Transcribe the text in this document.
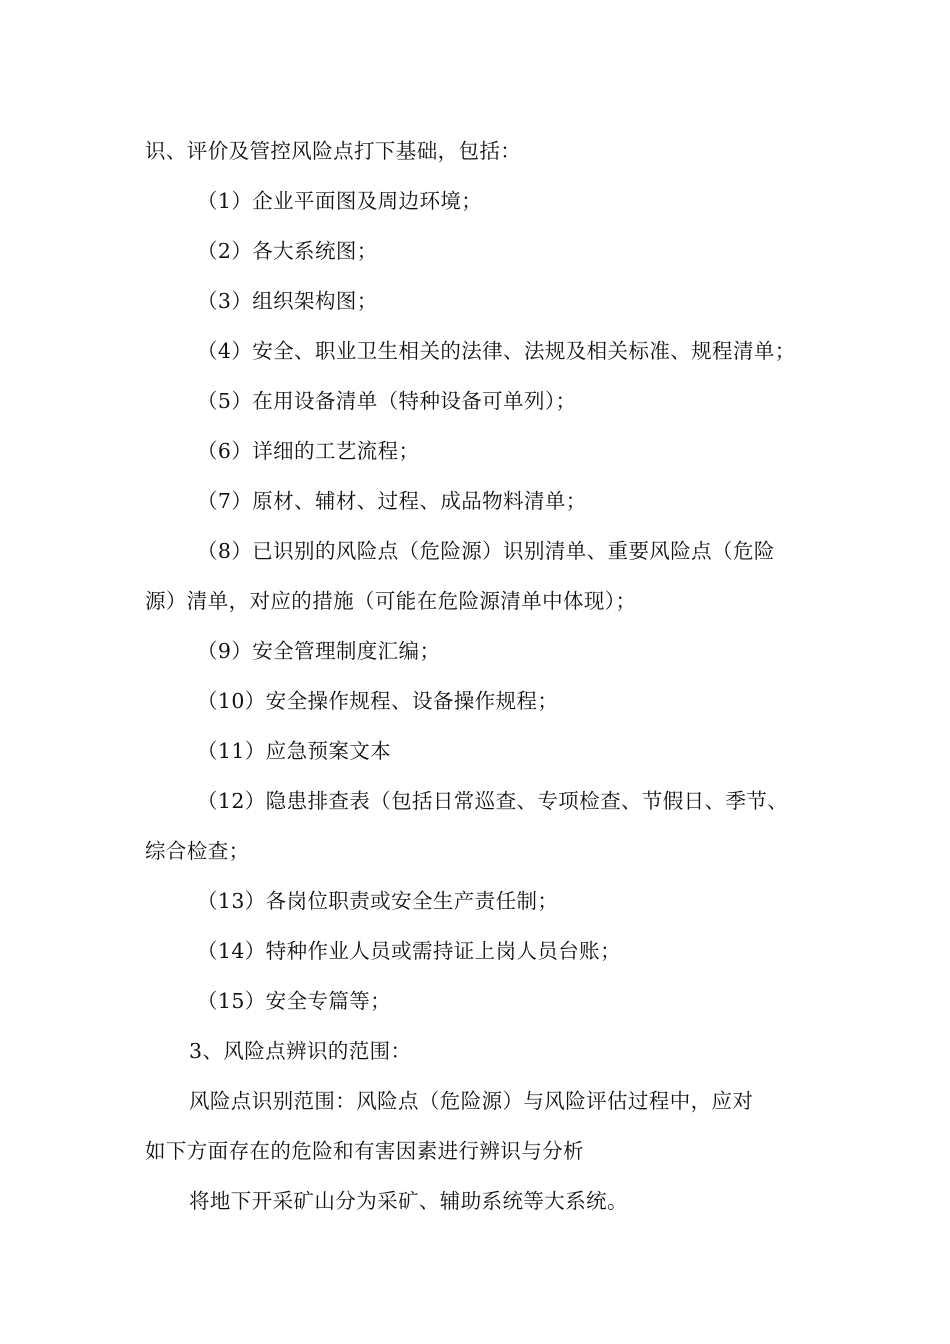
识、评价及管控风险点打下基础，包括：
（1）企业平面图及周边环境；
（2）各大系统图；
（3）组织架构图；
（4）安全、职业卫生相关的法律、法规及相关标准、规程清单；
（5）在用设备清单（特种设备可单列）；
（6）详细的工艺流程；
（7）原材、辅材、过程、成品物料清单；
（8）已识别的风险点（危险源）识别清单、重要风险点（危险
源）清单，对应的措施（可能在危险源清单中体现）；
（9）安全管理制度汇编；
（10）安全操作规程、设备操作规程；
（11）应急预案文本
（12）隐患排查表（包括日常巡查、专项检查、节假日、季节、
综合检查；
（13）各岗位职责或安全生产责任制；
（14）特种作业人员或需持证上岗人员台账；
（15）安全专篇等；
3、风险点辨识的范围：
风险点识别范围：风险点（危险源）与风险评估过程中，应对
如下方面存在的危险和有害因素进行辨识与分析
将地下开采矿山分为采矿、辅助系统等大系统。
